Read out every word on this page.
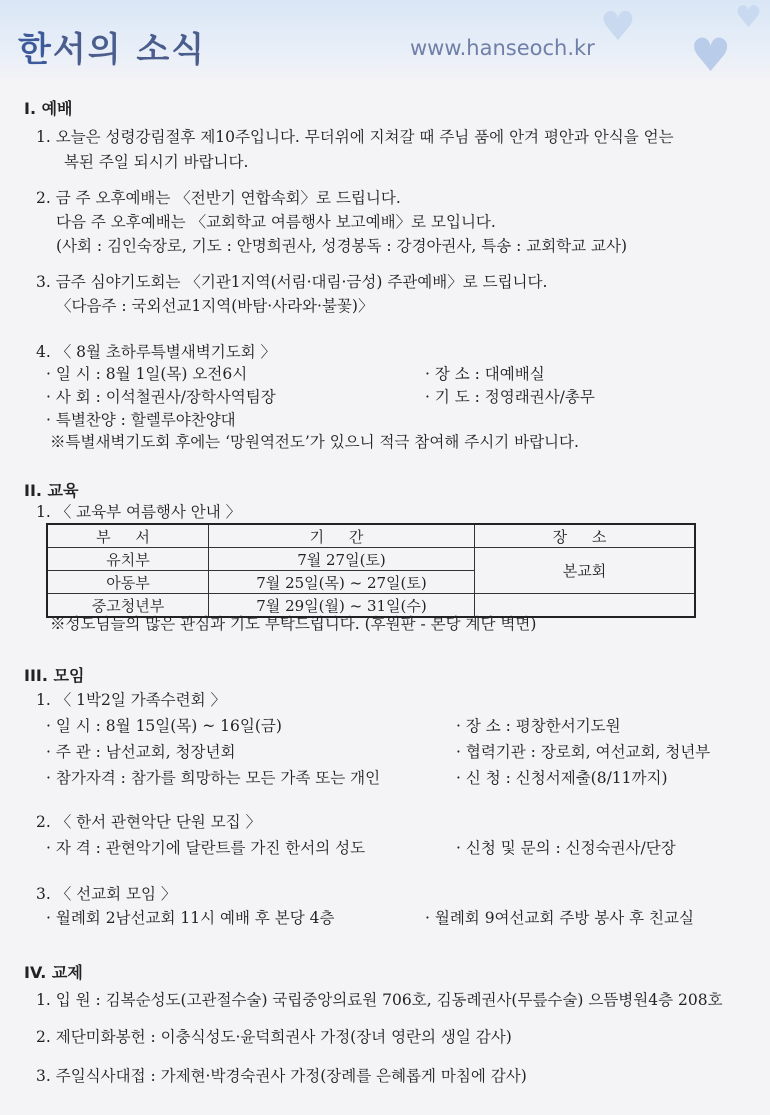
한서의 소식	www.hanseoch.kr ♥
♥
♥
I. 예배
1. 오늘은 성령강림절후 제10주입니다. 무더위에 지쳐갈 때 주님 품에 안겨 평안과 안식을 얻는
복된 주일 되시기 바랍니다.
2. 금 주 오후예배는 〈전반기 연합속회〉로 드립니다.
다음 주 오후예배는 〈교회학교 여름행사 보고예배〉로 모입니다.
(사회 : 김인숙장로, 기도 : 안명희권사, 성경봉독 : 강경아권사, 특송 : 교회학교 교사)
3. 금주 심야기도회는 〈기관1지역(서림·대림·금성) 주관예배〉로 드립니다.
〈다음주 : 국외선교1지역(바탐·사라와·불꽃)〉
4. 〈 8월 초하루특별새벽기도회 〉
· 일 시 : 8월 1일(목) 오전6시	· 장 소 : 대예배실
· 사 회 : 이석철권사/장학사역팀장	· 기 도 : 정영래권사/총무
· 특별찬양 : 할렐루야찬양대
※특별새벽기도회 후에는 ‘망원역전도’가 있으니 적극 참여해 주시기 바랍니다.
II. 교육
1. 〈 교육부 여름행사 안내 〉
부 서	기 간	장 소
유치부	7월 27일(토)	본교회
아동부	7월 25일(목) ~ 27일(토)	
중고청년부	7월 29일(월) ~ 31일(수)	
※성도님들의 많은 관심과 기도 부탁드립니다. (후원판 - 본당 계단 벽면)
III. 모임
1. 〈 1박2일 가족수련회 〉
· 일 시 : 8월 15일(목) ~ 16일(금)	· 장 소 : 평창한서기도원
· 주 관 : 남선교회, 청장년회	· 협력기관 : 장로회, 여선교회, 청년부
· 참가자격 : 참가를 희망하는 모든 가족 또는 개인	· 신 청 : 신청서제출(8/11까지)
2. 〈 한서 관현악단 단원 모집 〉
· 자 격 : 관현악기에 달란트를 가진 한서의 성도	· 신청 및 문의 : 신정숙권사/단장
3. 〈 선교회 모임 〉
· 월례회 2남선교회 11시 예배 후 본당 4층	· 월례회 9여선교회 주방 봉사 후 친교실
IV. 교제
1. 입 원 : 김복순성도(고관절수술) 국립중앙의료원 706호, 김동례권사(무릎수술) 으뜸병원4층 208호
2. 제단미화봉헌 : 이충식성도·윤덕희권사 가정(장녀 영란의 생일 감사)
3. 주일식사대접 : 가제현·박경숙권사 가정(장례를 은혜롭게 마침에 감사)
